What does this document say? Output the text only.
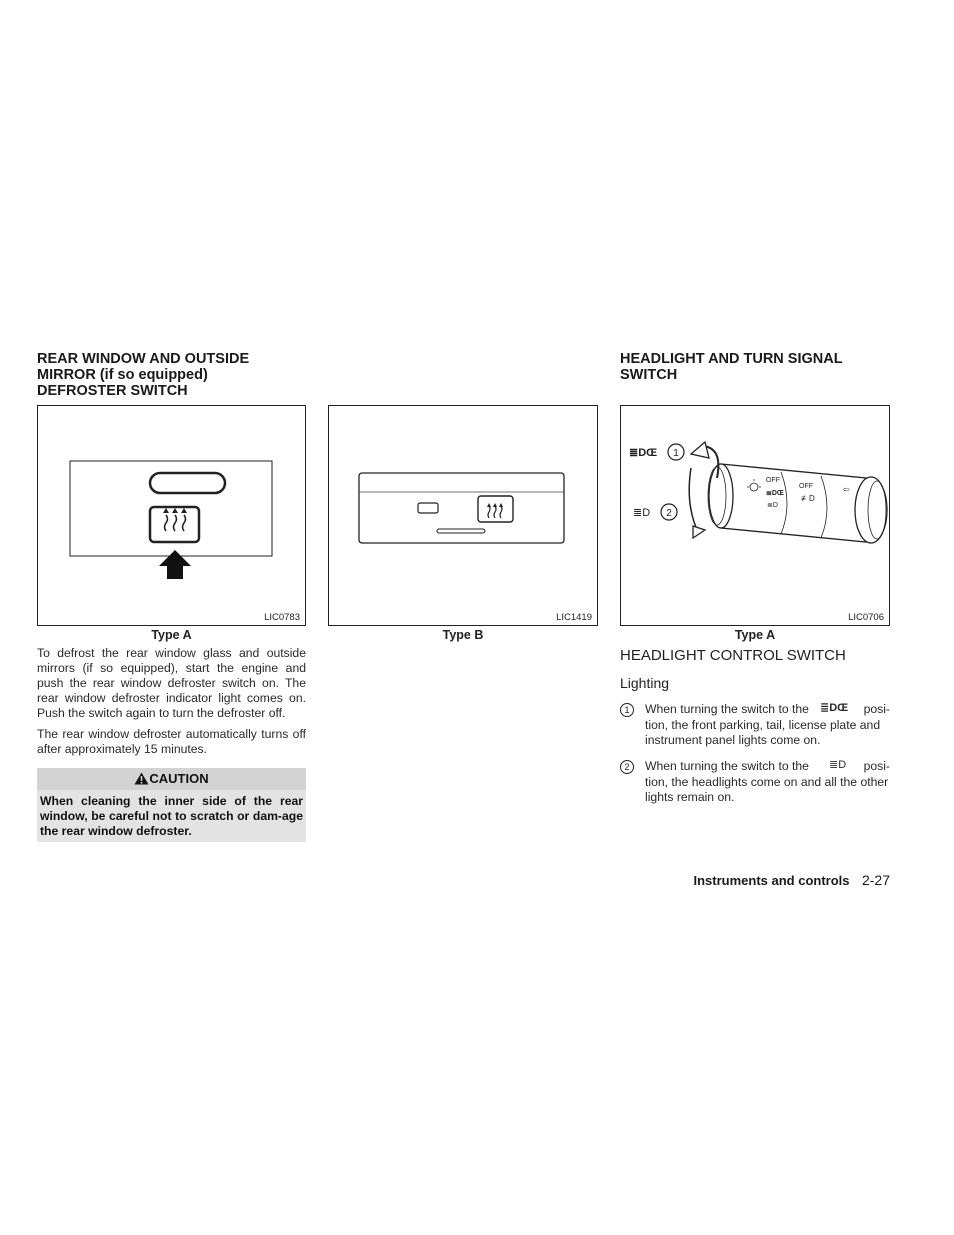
REAR WINDOW AND OUTSIDE
MIRROR (if so equipped)
DEFROSTER SWITCH
HEADLIGHT AND TURN SIGNAL
SWITCH
LIC0783
Type A
LIC1419
Type B
OFF
≣DŒ
≣D
OFF
≢D
⇦
≣DŒ 1
≣D 2
LIC0706
Type A
To defrost the rear window glass and outside mirrors (if so equipped), start the engine and push the rear window defroster switch on. The rear window defroster indicator light comes on. Push the switch again to turn the defroster off.
The rear window defroster automatically turns off after approximately 15 minutes.
CAUTION
When cleaning the inner side of the rear window, be careful not to scratch or dam-age the rear window defroster.
HEADLIGHT CONTROL SWITCH
Lighting
1	When turning the switch to the ≣DŒ posi-
tion, the front parking, tail, license plate and instrument panel lights come on.
2	When turning the switch to the ≣D posi-
tion, the headlights come on and all the other lights remain on.
Instruments and controls 2-27
